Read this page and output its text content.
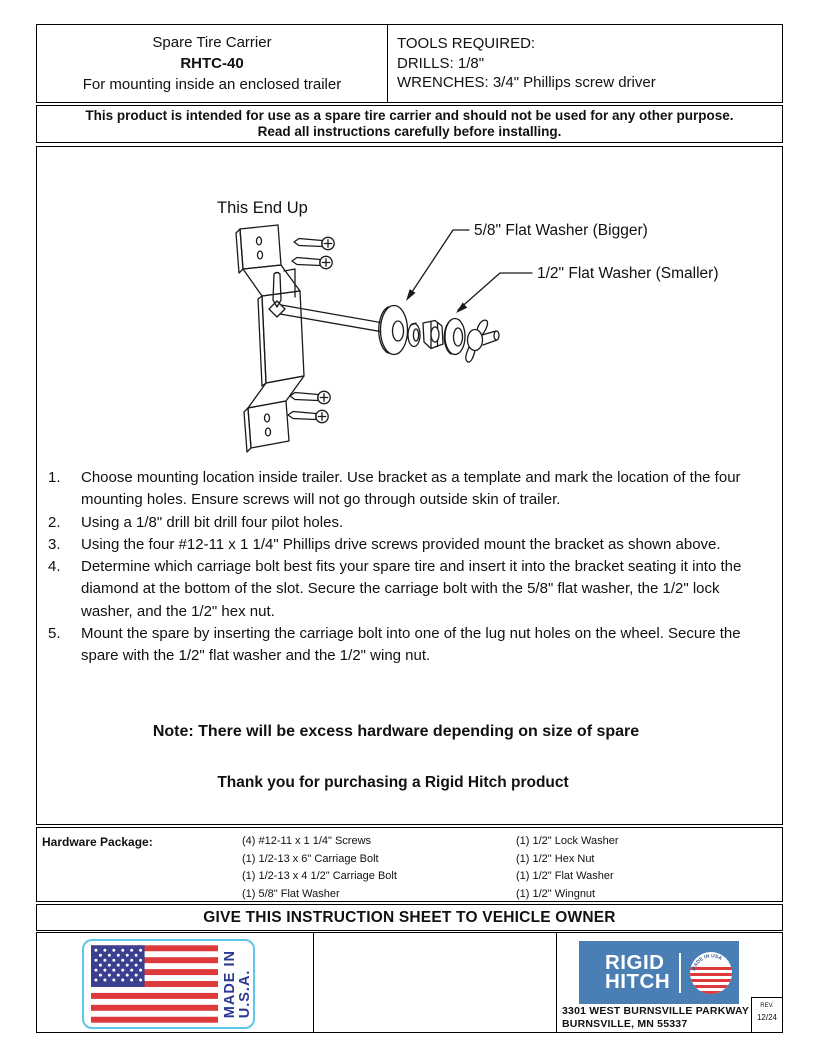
Spare Tire Carrier
RHTC-40
For mounting inside an enclosed trailer
TOOLS REQUIRED:
DRILLS: 1/8"
WRENCHES: 3/4" Phillips screw driver
This product is intended for use as a spare tire carrier and should not be used for any other purpose.
Read all instructions carefully before installing.
This End Up
5/8" Flat Washer (Bigger)
1/2" Flat Washer (Smaller)
1. Choose mounting location inside trailer. Use bracket as a template and mark the location of the four mounting holes. Ensure screws will not go through outside skin of trailer.
2. Using a 1/8" drill bit drill four pilot holes.
3. Using the four #12-11 x 1 1/4" Phillips drive screws provided mount the bracket as shown above.
4. Determine which carriage bolt best fits your spare tire and insert it into the bracket seating it into the diamond at the bottom of the slot. Secure the carriage bolt with the 5/8" flat washer, the 1/2" lock washer, and the 1/2" hex nut.
5. Mount the spare by inserting the carriage bolt into one of the lug nut holes on the wheel. Secure the spare with the 1/2" flat washer and the 1/2" wing nut.
Note: There will be excess hardware depending on size of spare
Thank you for purchasing a Rigid Hitch product
Hardware Package:	(4) #12-11 x 1 1/4" Screws
(1) 1/2-13 x 6" Carriage Bolt
(1) 1/2-13 x 4 1/2" Carriage Bolt
(1) 5/8" Flat Washer
(1) 1/2" Lock Washer
(1) 1/2" Hex Nut
(1) 1/2" Flat Washer
(1) 1/2" Wingnut
GIVE THIS INSTRUCTION SHEET TO VEHICLE OWNER
MADE IN U.S.A.
RIGID
HITCH
MADE IN USA
3301 WEST BURNSVILLE PARKWAY
BURNSVILLE, MN 55337
REV.
12/24
